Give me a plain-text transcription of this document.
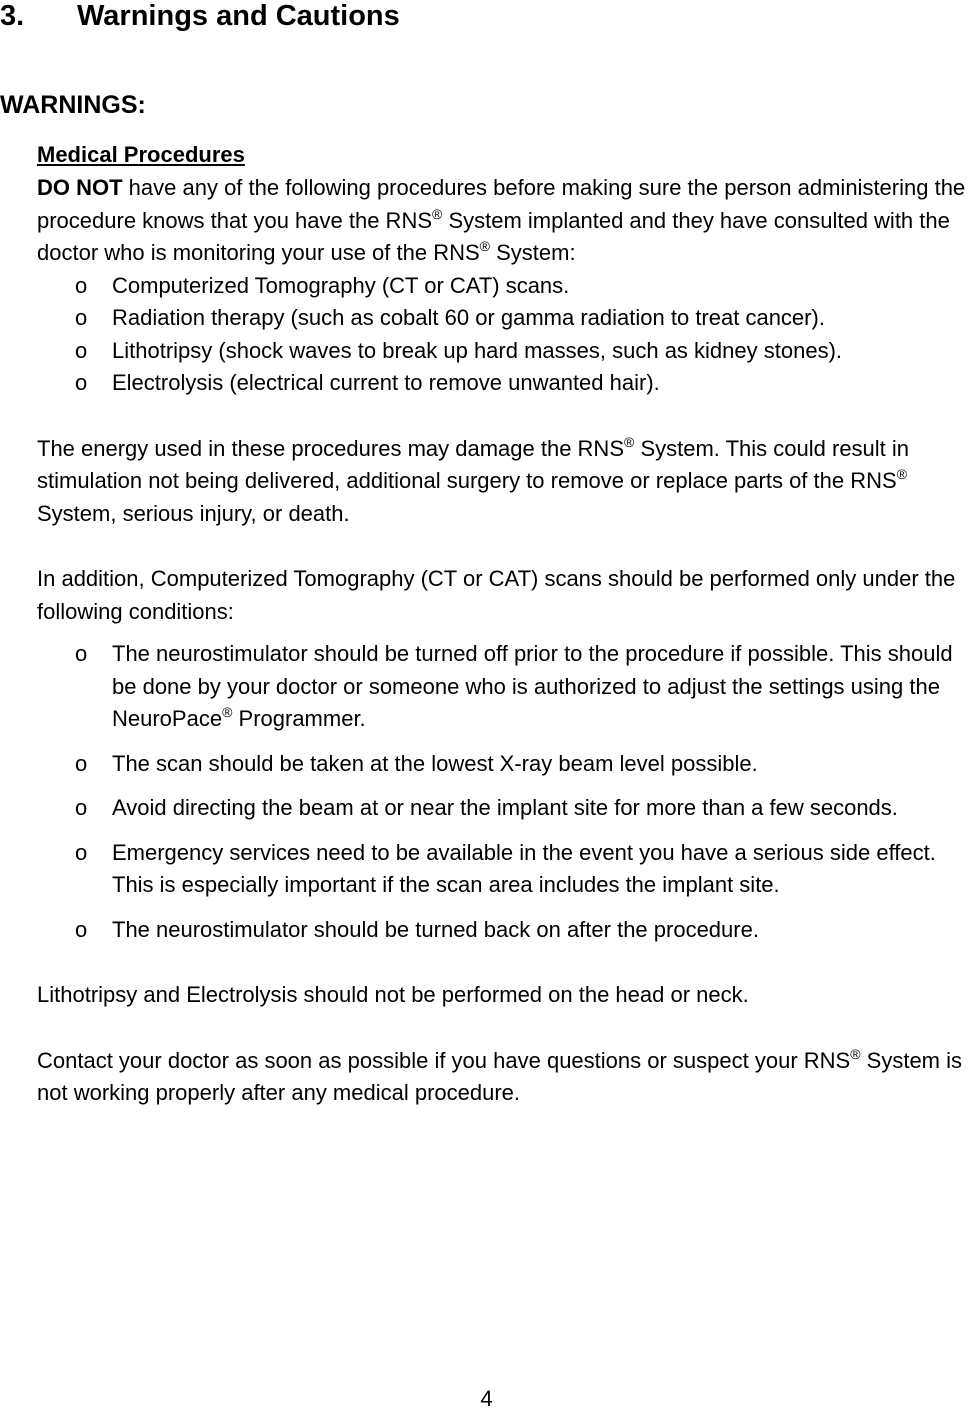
3. Warnings and Cautions
WARNINGS:

Medical Procedures

DO NOT have any of the following procedures before making sure the person administering the procedure knows that you have the RNS® System implanted and they have consulted with the doctor who is monitoring your use of the RNS® System:

o Computerized Tomography (CT or CAT) scans.
o Radiation therapy (such as cobalt 60 or gamma radiation to treat cancer).
o Lithotripsy (shock waves to break up hard masses, such as kidney stones).
o Electrolysis (electrical current to remove unwanted hair).

The energy used in these procedures may damage the RNS® System. This could result in stimulation not being delivered, additional surgery to remove or replace parts of the RNS® System, serious injury, or death.

In addition, Computerized Tomography (CT or CAT) scans should be performed only under the following conditions:

o The neurostimulator should be turned off prior to the procedure if possible. This should be done by your doctor or someone who is authorized to adjust the settings using the NeuroPace® Programmer.
o The scan should be taken at the lowest X-ray beam level possible.
o Avoid directing the beam at or near the implant site for more than a few seconds.
o Emergency services need to be available in the event you have a serious side effect. This is especially important if the scan area includes the implant site.
o The neurostimulator should be turned back on after the procedure.

Lithotripsy and Electrolysis should not be performed on the head or neck.

Contact your doctor as soon as possible if you have questions or suspect your RNS® System is not working properly after any medical procedure.

4
